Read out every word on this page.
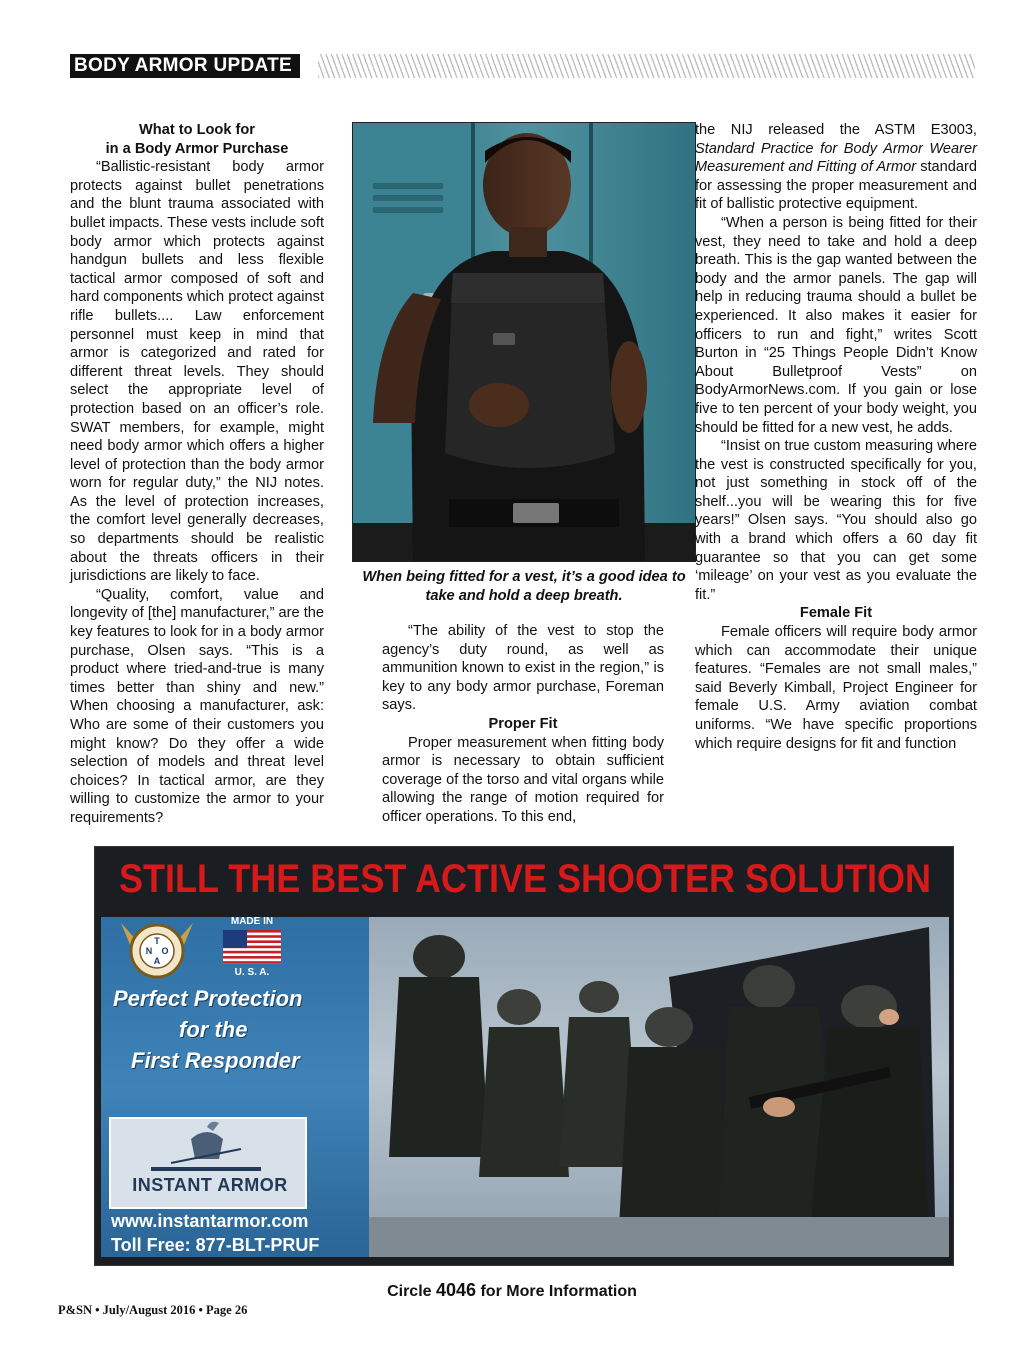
BODY ARMOR UPDATE

What to Look for

in a Body Armor Purchase

“Ballistic-resistant body armor protects against bullet penetrations and the blunt trauma associated with bullet impacts. These vests include soft body armor which protects against handgun bullets and less flexible tactical armor composed of soft and hard components which protect against rifle bullets.... Law enforcement personnel must keep in mind that armor is categorized and rated for different threat levels. They should select the appropriate level of protection based on an officer’s role. SWAT members, for example, might need body armor which offers a higher level of protection than the body armor worn for regular duty,” the NIJ notes. As the level of protection increases, the comfort level generally decreases, so departments should be realistic about the threats officers in their jurisdictions are likely to face.

“Quality, comfort, value and longevity of [the] manufacturer,” are the key features to look for in a body armor purchase, Olsen says. “This is a product where tried-and-true is many times better than shiny and new.” When choosing a manufacturer, ask: Who are some of their customers you might know? Do they offer a wide selection of models and threat level choices? In tactical armor, are they willing to customize the armor to your requirements?

When being fitted for a vest, it’s a good idea to take and hold a deep breath.

“The ability of the vest to stop the agency’s duty round, as well as ammunition known to exist in the region,” is key to any body armor purchase, Foreman says.

Proper Fit

Proper measurement when fitting body armor is necessary to obtain sufficient coverage of the torso and vital organs while allowing the range of motion required for officer operations. To this end,

the NIJ released the ASTM E3003, Standard Practice for Body Armor Wearer Measurement and Fitting of Armor standard for assessing the proper measurement and fit of ballistic protective equipment.

“When a person is being fitted for their vest, they need to take and hold a deep breath. This is the gap wanted between the body and the armor panels. The gap will help in reducing trauma should a bullet be experienced. It also makes it easier for officers to run and fight,” writes Scott Burton in “25 Things People Didn’t Know About Bulletproof Vests” on BodyArmorNews.com. If you gain or lose five to ten percent of your body weight, you should be fitted for a new vest, he adds.

“Insist on true custom measuring where the vest is constructed specifically for you, not just something in stock off of the shelf...you will be wearing this for five years!” Olsen says. “You should also go with a brand which offers a 60 day fit guarantee so that you can get some ‘mileage’ on your vest as you evaluate the fit.”

Female Fit

Female officers will require body armor which can accommodate their unique features. “Females are not small males,” said Beverly Kimball, Project Engineer for female U.S. Army aviation combat uniforms. “We have specific proportions which require designs for fit and function

STILL THE BEST ACTIVE SHOOTER SOLUTION
T
N O
A
MADE IN
U. S. A.
Perfect Protection
for the
First Responder
INSTANT ARMOR
www.instantarmor.com
Toll Free: 877-BLT-PRUF
Circle 4046 for More Information
P&SN • July/August 2016 • Page 26
